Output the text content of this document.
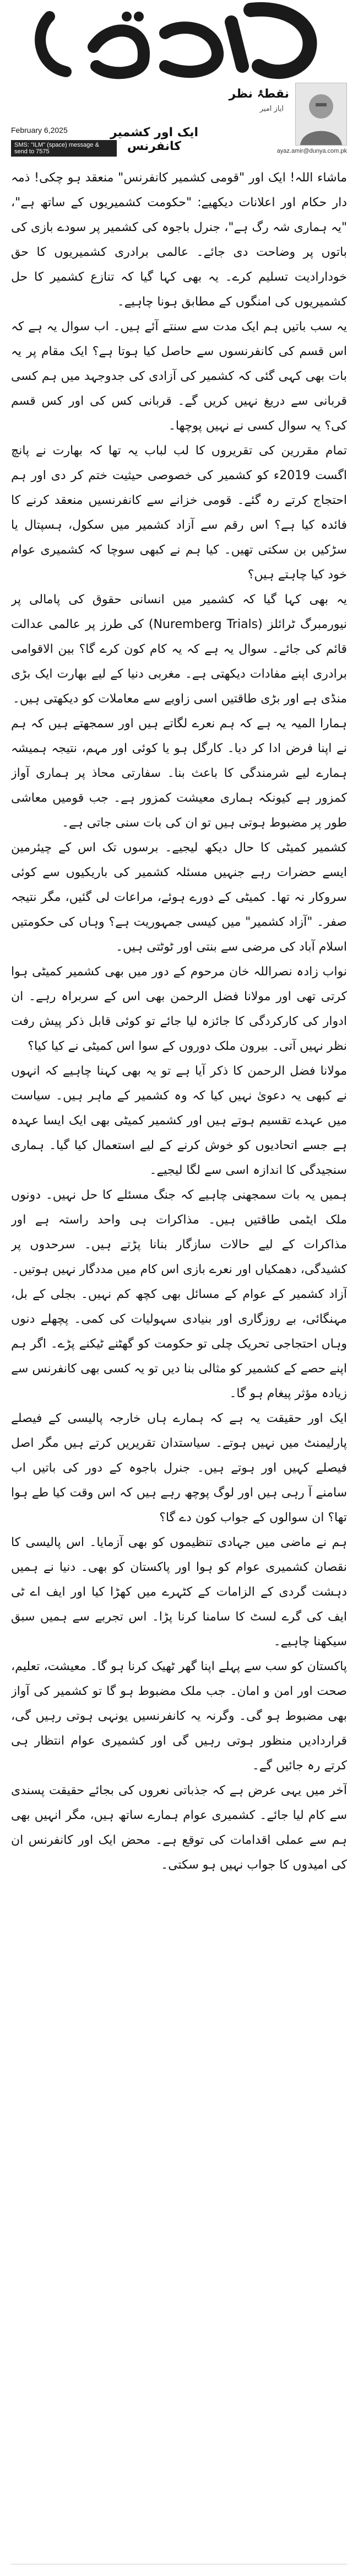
دنیا
نقطۂ نظر
ایاز امیر
ایک اور کشمیر کانفرنس
February 6,2025
SMS: "ILM" (space) message & send to 7575	ayaz.amir@dunya.com.pk

ماشاء اللہ! ایک اور "قومی کشمیر کانفرنس" منعقد ہو چکی! ذمہ دار حکام اور اعلانات دیکھیے: "حکومت کشمیریوں کے ساتھ ہے"، "یہ ہماری شہ رگ ہے"، جنرل باجوہ کی کشمیر پر سودے بازی کی باتوں پر وضاحت دی جائے۔ عالمی برادری کشمیریوں کا حق خودارادیت تسلیم کرے۔ یہ بھی کہا گیا کہ تنازع کشمیر کا حل کشمیریوں کی امنگوں کے مطابق ہونا چاہیے۔

یہ سب باتیں ہم ایک مدت سے سنتے آئے ہیں۔ اب سوال یہ ہے کہ اس قسم کی کانفرنسوں سے حاصل کیا ہوتا ہے؟ ایک مقام پر یہ بات بھی کہی گئی کہ کشمیر کی آزادی کی جدوجہد میں ہم کسی قربانی سے دریغ نہیں کریں گے۔ قربانی کس کی اور کس قسم کی؟ یہ سوال کسی نے نہیں پوچھا۔

تمام مقررین کی تقریروں کا لب لباب یہ تھا کہ بھارت نے پانچ اگست 2019ء کو کشمیر کی خصوصی حیثیت ختم کر دی اور ہم احتجاج کرتے رہ گئے۔ قومی خزانے سے کانفرنسیں منعقد کرنے کا فائدہ کیا ہے؟ اس رقم سے آزاد کشمیر میں سکول، ہسپتال یا سڑکیں بن سکتی تھیں۔ کیا ہم نے کبھی سوچا کہ کشمیری عوام خود کیا چاہتے ہیں؟

یہ بھی کہا گیا کہ کشمیر میں انسانی حقوق کی پامالی پر نیورمبرگ ٹرائلز (Nuremberg Trials) کی طرز پر عالمی عدالت قائم کی جائے۔ سوال یہ ہے کہ یہ کام کون کرے گا؟ بین الاقوامی برادری اپنے مفادات دیکھتی ہے۔ مغربی دنیا کے لیے بھارت ایک بڑی منڈی ہے اور بڑی طاقتیں اسی زاویے سے معاملات کو دیکھتی ہیں۔

ہمارا المیہ یہ ہے کہ ہم نعرے لگاتے ہیں اور سمجھتے ہیں کہ ہم نے اپنا فرض ادا کر دیا۔ کارگل ہو یا کوئی اور مہم، نتیجہ ہمیشہ ہمارے لیے شرمندگی کا باعث بنا۔ سفارتی محاذ پر ہماری آواز کمزور ہے کیونکہ ہماری معیشت کمزور ہے۔ جب قومیں معاشی طور پر مضبوط ہوتی ہیں تو ان کی بات سنی جاتی ہے۔

کشمیر کمیٹی کا حال دیکھ لیجیے۔ برسوں تک اس کے چیئرمین ایسے حضرات رہے جنہیں مسئلہ کشمیر کی باریکیوں سے کوئی سروکار نہ تھا۔ کمیٹی کے دورے ہوئے، مراعات لی گئیں، مگر نتیجہ صفر۔ "آزاد کشمیر" میں کیسی جمہوریت ہے؟ وہاں کی حکومتیں اسلام آباد کی مرضی سے بنتی اور ٹوٹتی ہیں۔

نواب زادہ نصراللہ خان مرحوم کے دور میں بھی کشمیر کمیٹی ہوا کرتی تھی اور مولانا فضل الرحمن بھی اس کے سربراہ رہے۔ ان ادوار کی کارکردگی کا جائزہ لیا جائے تو کوئی قابل ذکر پیش رفت نظر نہیں آتی۔ بیرون ملک دوروں کے سوا اس کمیٹی نے کیا کیا؟

مولانا فضل الرحمن کا ذکر آیا ہے تو یہ بھی کہنا چاہیے کہ انہوں نے کبھی یہ دعویٰ نہیں کیا کہ وہ کشمیر کے ماہر ہیں۔ سیاست میں عہدے تقسیم ہوتے ہیں اور کشمیر کمیٹی بھی ایک ایسا عہدہ ہے جسے اتحادیوں کو خوش کرنے کے لیے استعمال کیا گیا۔ ہماری سنجیدگی کا اندازہ اسی سے لگا لیجیے۔

ہمیں یہ بات سمجھنی چاہیے کہ جنگ مسئلے کا حل نہیں۔ دونوں ملک ایٹمی طاقتیں ہیں۔ مذاکرات ہی واحد راستہ ہے اور مذاکرات کے لیے حالات سازگار بنانا پڑتے ہیں۔ سرحدوں پر کشیدگی، دھمکیاں اور نعرے بازی اس کام میں مددگار نہیں ہوتیں۔

آزاد کشمیر کے عوام کے مسائل بھی کچھ کم نہیں۔ بجلی کے بل، مہنگائی، بے روزگاری اور بنیادی سہولیات کی کمی۔ پچھلے دنوں وہاں احتجاجی تحریک چلی تو حکومت کو گھٹنے ٹیکنے پڑے۔ اگر ہم اپنے حصے کے کشمیر کو مثالی بنا دیں تو یہ کسی بھی کانفرنس سے زیادہ مؤثر پیغام ہو گا۔

ایک اور حقیقت یہ ہے کہ ہمارے ہاں خارجہ پالیسی کے فیصلے پارلیمنٹ میں نہیں ہوتے۔ سیاستدان تقریریں کرتے ہیں مگر اصل فیصلے کہیں اور ہوتے ہیں۔ جنرل باجوہ کے دور کی باتیں اب سامنے آ رہی ہیں اور لوگ پوچھ رہے ہیں کہ اس وقت کیا طے ہوا تھا؟ ان سوالوں کے جواب کون دے گا؟

ہم نے ماضی میں جہادی تنظیموں کو بھی آزمایا۔ اس پالیسی کا نقصان کشمیری عوام کو ہوا اور پاکستان کو بھی۔ دنیا نے ہمیں دہشت گردی کے الزامات کے کٹہرے میں کھڑا کیا اور ایف اے ٹی ایف کی گرے لسٹ کا سامنا کرنا پڑا۔ اس تجربے سے ہمیں سبق سیکھنا چاہیے۔

پاکستان کو سب سے پہلے اپنا گھر ٹھیک کرنا ہو گا۔ معیشت، تعلیم، صحت اور امن و امان۔ جب ملک مضبوط ہو گا تو کشمیر کی آواز بھی مضبوط ہو گی۔ وگرنہ یہ کانفرنسیں یونہی ہوتی رہیں گی، قراردادیں منظور ہوتی رہیں گی اور کشمیری عوام انتظار ہی کرتے رہ جائیں گے۔

آخر میں یہی عرض ہے کہ جذباتی نعروں کی بجائے حقیقت پسندی سے کام لیا جائے۔ کشمیری عوام ہمارے ساتھ ہیں، مگر انہیں بھی ہم سے عملی اقدامات کی توقع ہے۔ محض ایک اور کانفرنس ان کی امیدوں کا جواب نہیں ہو سکتی۔
